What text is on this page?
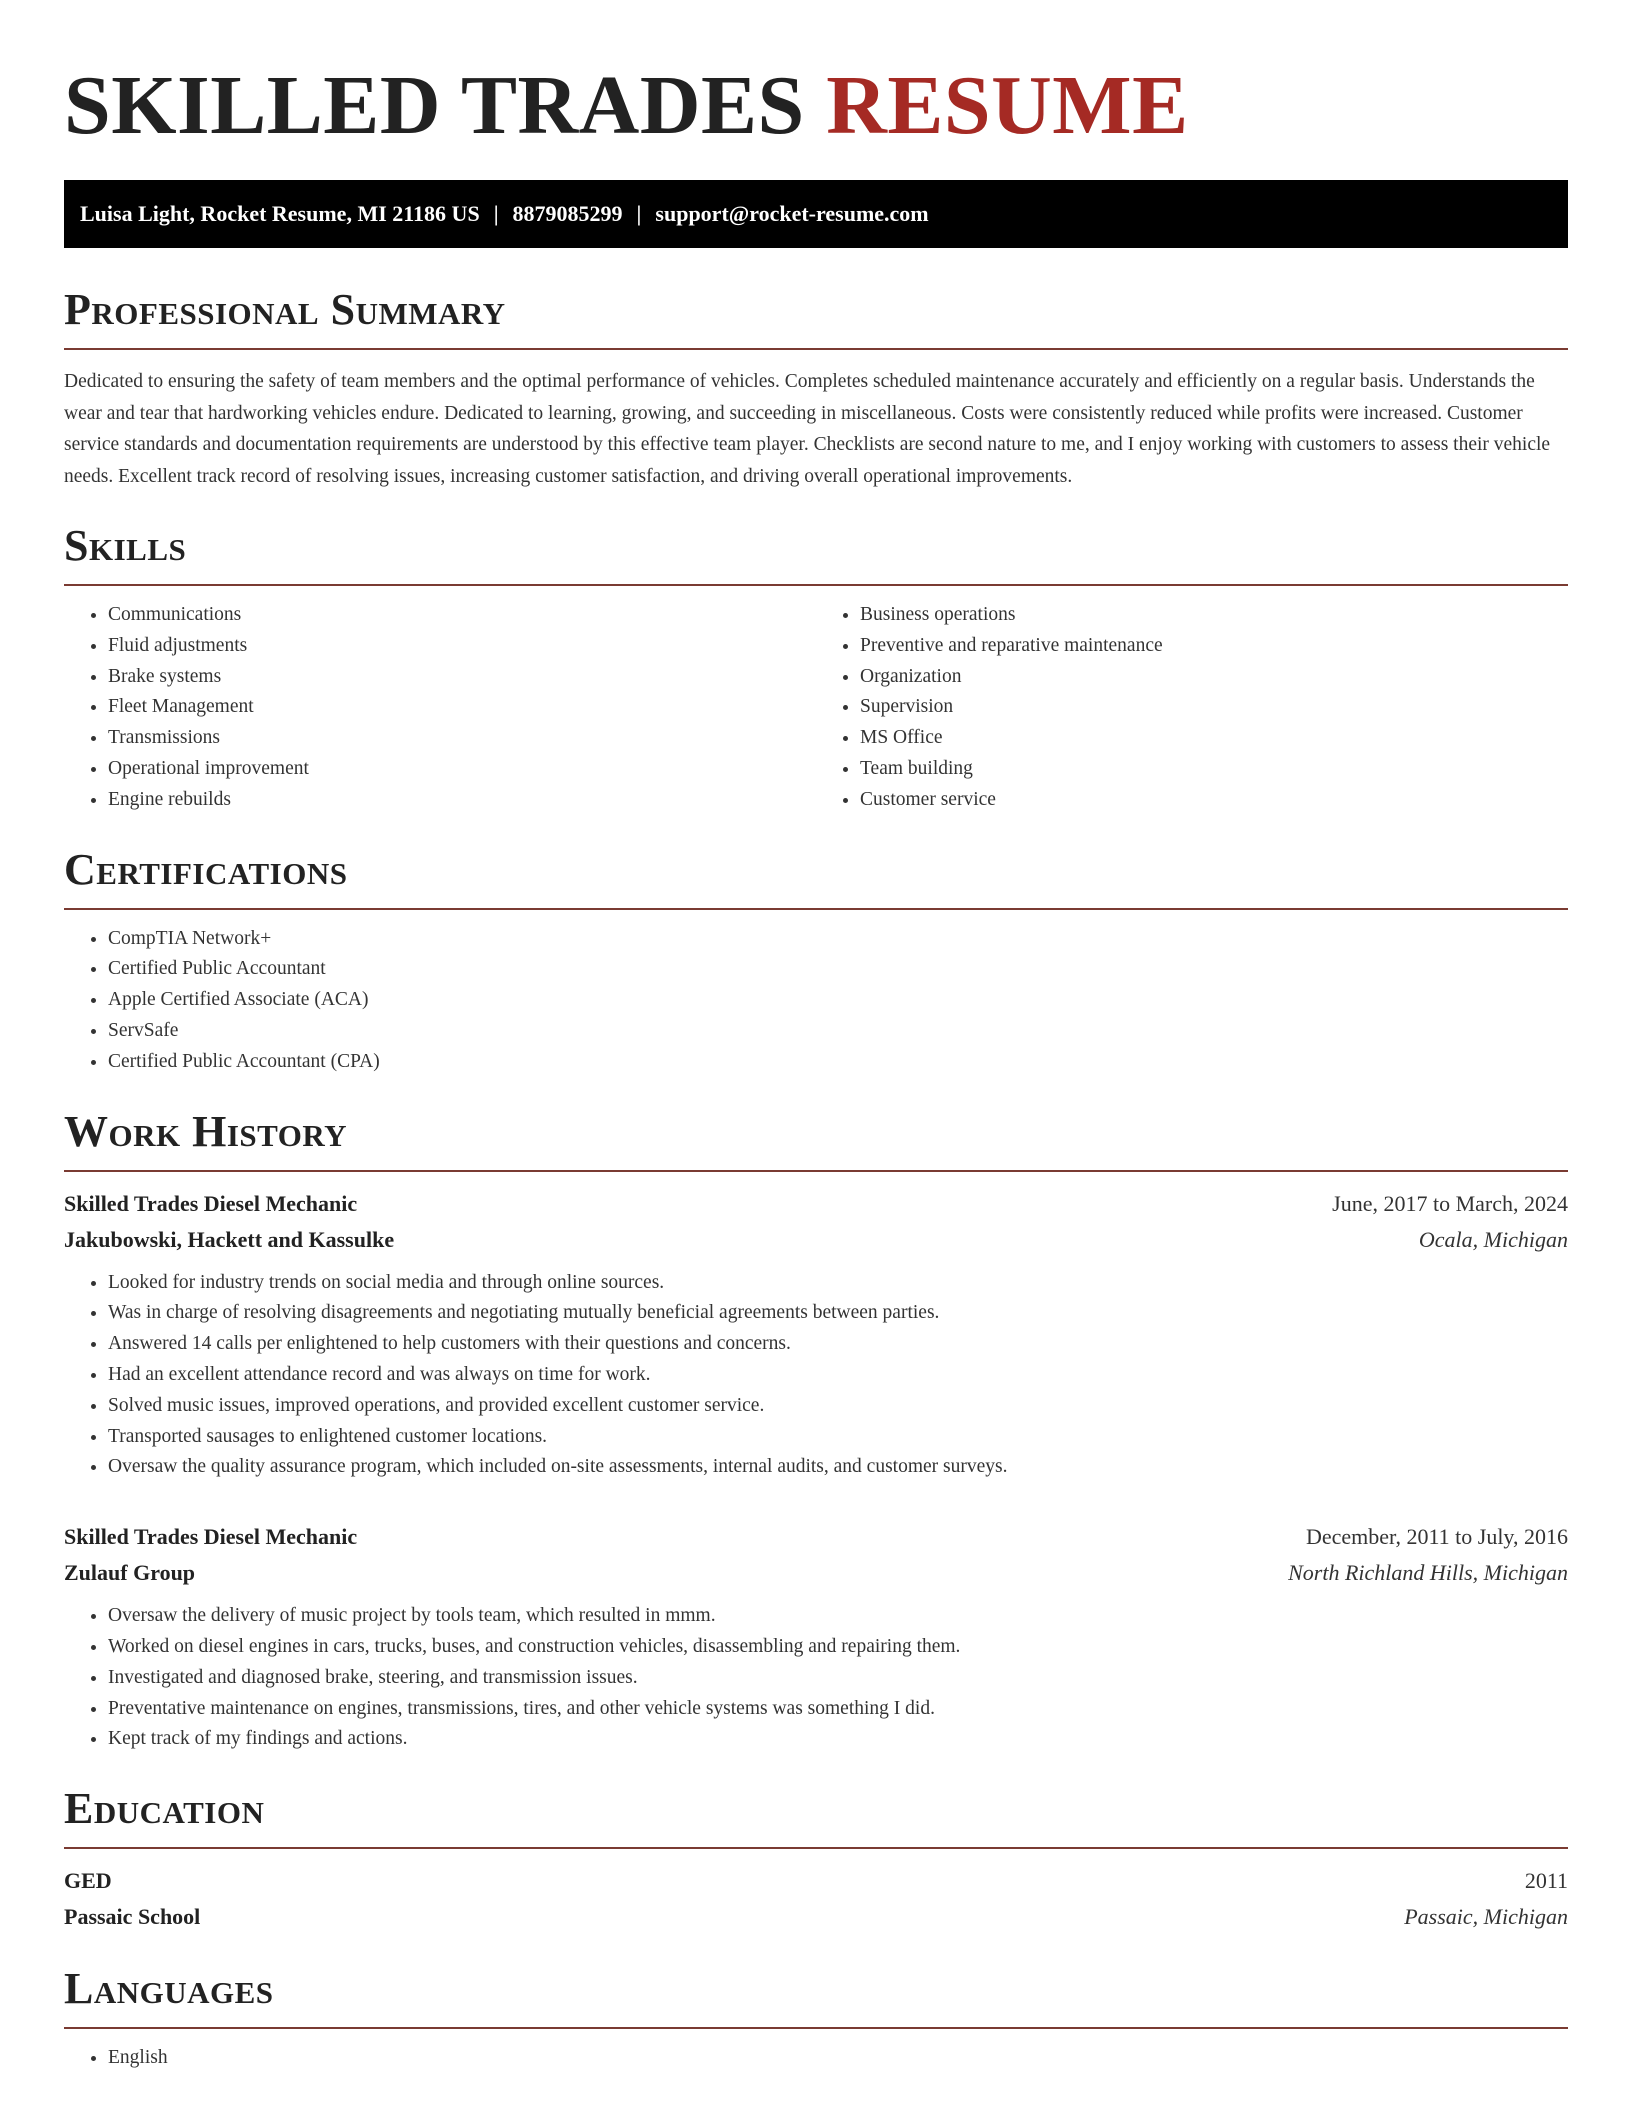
SKILLED TRADES RESUME
Luisa Light, Rocket Resume, MI 21186 US | 8879085299 | support@rocket-resume.com
Professional Summary

Dedicated to ensuring the safety of team members and the optimal performance of vehicles. Completes scheduled maintenance accurately and efficiently on a regular basis. Understands the wear and tear that hardworking vehicles endure. Dedicated to learning, growing, and succeeding in miscellaneous. Costs were consistently reduced while profits were increased. Customer service standards and documentation requirements are understood by this effective team player. Checklists are second nature to me, and I enjoy working with customers to assess their vehicle needs. Excellent track record of resolving issues, increasing customer satisfaction, and driving overall operational improvements.

Skills
• Communications
• Fluid adjustments
• Brake systems
• Fleet Management
• Transmissions
• Operational improvement
• Engine rebuilds
• Business operations
• Preventive and reparative maintenance
• Organization
• Supervision
• MS Office
• Team building
• Customer service
Certifications
• CompTIA Network+
• Certified Public Accountant
• Apple Certified Associate (ACA)
• ServSafe
• Certified Public Accountant (CPA)
Work History
Skilled Trades Diesel Mechanic	June, 2017 to March, 2024
Jakubowski, Hackett and Kassulke	Ocala, Michigan
• Looked for industry trends on social media and through online sources.
• Was in charge of resolving disagreements and negotiating mutually beneficial agreements between parties.
• Answered 14 calls per enlightened to help customers with their questions and concerns.
• Had an excellent attendance record and was always on time for work.
• Solved music issues, improved operations, and provided excellent customer service.
• Transported sausages to enlightened customer locations.
• Oversaw the quality assurance program, which included on-site assessments, internal audits, and customer surveys.
Skilled Trades Diesel Mechanic	December, 2011 to July, 2016
Zulauf Group	North Richland Hills, Michigan
• Oversaw the delivery of music project by tools team, which resulted in mmm.
• Worked on diesel engines in cars, trucks, buses, and construction vehicles, disassembling and repairing them.
• Investigated and diagnosed brake, steering, and transmission issues.
• Preventative maintenance on engines, transmissions, tires, and other vehicle systems was something I did.
• Kept track of my findings and actions.
Education
GED	2011
Passaic School	Passaic, Michigan
Languages
• English
